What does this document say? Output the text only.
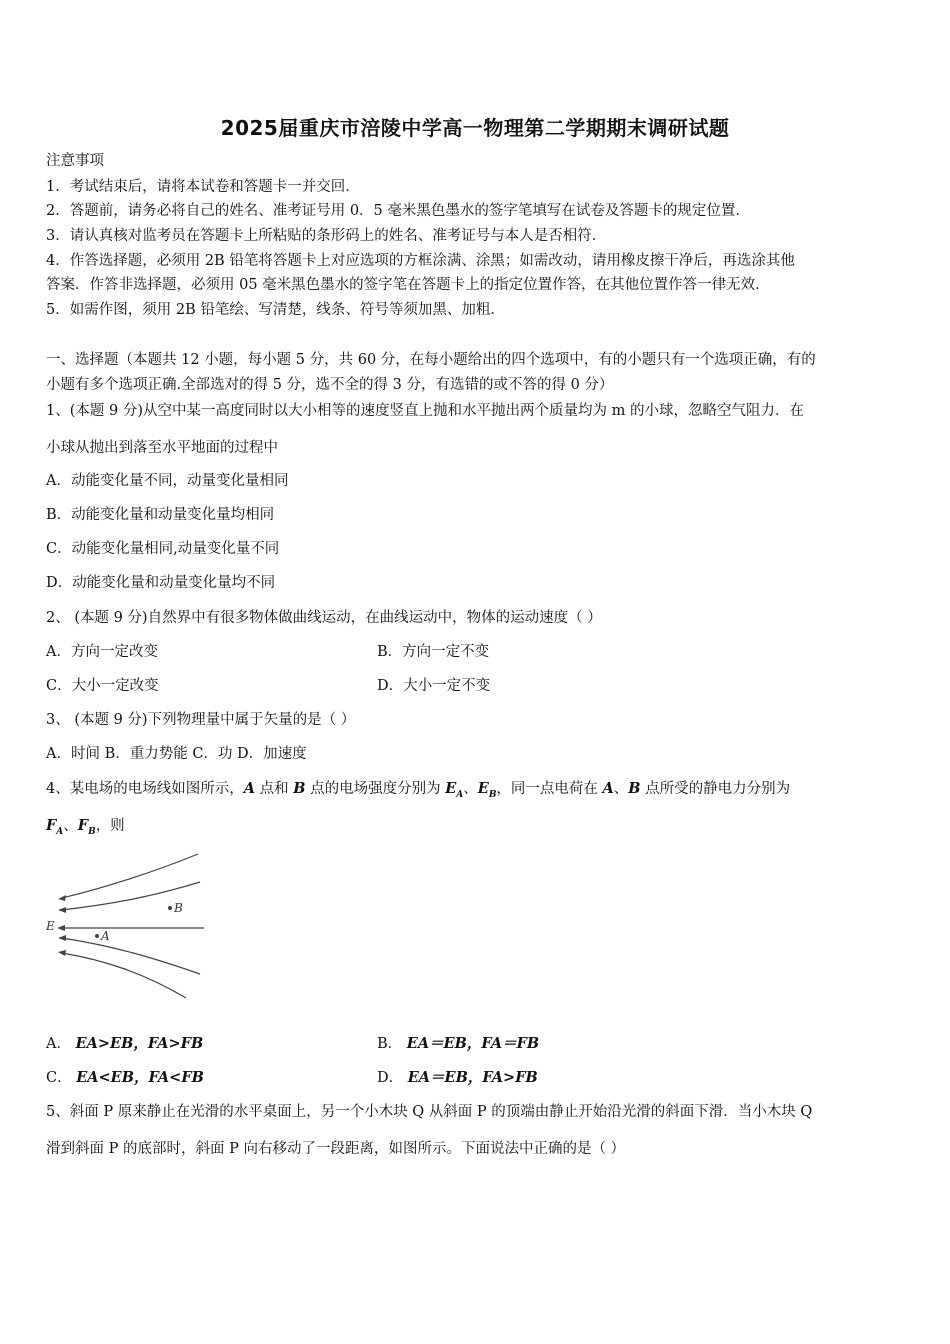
2025届重庆市涪陵中学高一物理第二学期期末调研试题
注意事项
1．考试结束后，请将本试卷和答题卡一并交回．
2．答题前，请务必将自己的姓名、准考证号用 0．5 毫米黑色墨水的签字笔填写在试卷及答题卡的规定位置．
3．请认真核对监考员在答题卡上所粘贴的条形码上的姓名、准考证号与本人是否相符．
4．作答选择题，必须用 2B 铅笔将答题卡上对应选项的方框涂满、涂黑；如需改动，请用橡皮擦干净后，再选涂其他
答案．作答非选择题，必须用 05 毫米黑色墨水的签字笔在答题卡上的指定位置作答，在其他位置作答一律无效．
5．如需作图，须用 2B 铅笔绘、写清楚，线条、符号等须加黑、加粗．
一、选择题（本题共 12 小题，每小题 5 分，共 60 分，在每小题给出的四个选项中，有的小题只有一个选项正确，有的
小题有多个选项正确.全部选对的得 5 分，选不全的得 3 分，有选错的或不答的得 0 分）
1、(本题 9 分)从空中某一高度同时以大小相等的速度竖直上抛和水平抛出两个质量均为 m 的小球，忽略空气阻力．在
小球从抛出到落至水平地面的过程中
A．动能变化量不同，动量变化量相同
B．动能变化量和动量变化量均相同
C．动能变化量相同,动量变化量不同
D．动能变化量和动量变化量均不同
2、 (本题 9 分)自然界中有很多物体做曲线运动，在曲线运动中，物体的运动速度（ ）
A．方向一定改变	B．方向一定不变
C．大小一定改变	D．大小一定不变
3、 (本题 9 分)下列物理量中属于矢量的是（ ）
A．时间 B．重力势能 C．功 D．加速度
4、某电场的电场线如图所示，A 点和 B 点的电场强度分别为 $E_A$、$E_B$，同一点电荷在 A、B 点所受的静电力分别为
$F_A$、$F_B$，则
E
B
A
A． EA>EB，FA>FB	B． EA＝EB，FA＝FB
C． EA<EB，FA<FB	D． EA＝EB，FA>FB
5、斜面 P 原来静止在光滑的水平桌面上，另一个小木块 Q 从斜面 P 的顶端由静止开始沿光滑的斜面下滑．当小木块 Q
滑到斜面 P 的底部时，斜面 P 向右移动了一段距离，如图所示。下面说法中正确的是（ ）
